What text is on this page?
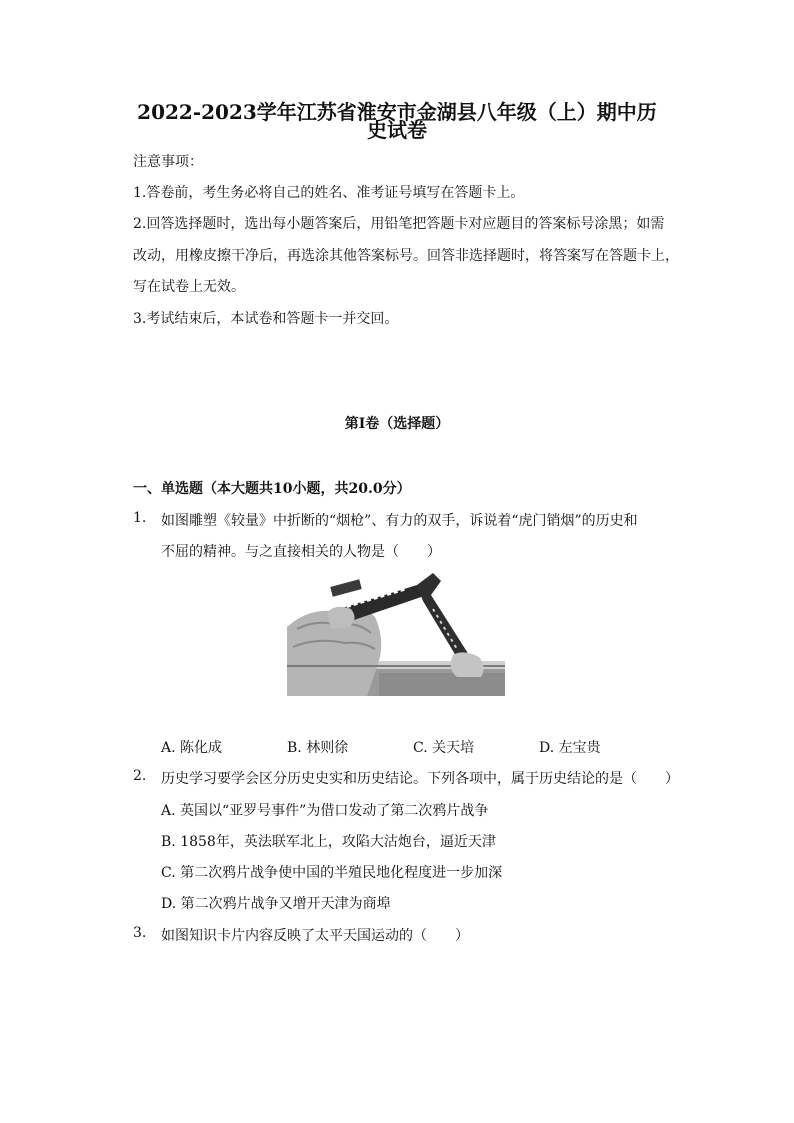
2022-2023学年江苏省淮安市金湖县八年级（上）期中历
史试卷
注意事项：
1.答卷前，考生务必将自己的姓名、准考证号填写在答题卡上。
2.回答选择题时，选出每小题答案后，用铅笔把答题卡对应题目的答案标号涂黑；如需
改动，用橡皮擦干净后，再选涂其他答案标号。回答非选择题时，将答案写在答题卡上，
写在试卷上无效。
3.考试结束后，本试卷和答题卡一并交回。
第I卷（选择题）
一、单选题（本大题共10小题，共20.0分）
1. 如图雕塑《较量》中折断的“烟枪”、有力的双手，诉说着“虎门销烟”的历史和
不屈的精神。与之直接相关的人物是（　　）
A. 陈化成	B. 林则徐	C. 关天培	D. 左宝贵
2. 历史学习要学会区分历史史实和历史结论。下列各项中，属于历史结论的是（　　）
A. 英国以“亚罗号事件”为借口发动了第二次鸦片战争
B. 1858年，英法联军北上，攻陷大沽炮台，逼近天津
C. 第二次鸦片战争使中国的半殖民地化程度进一步加深
D. 第二次鸦片战争又增开天津为商埠
3. 如图知识卡片内容反映了太平天国运动的（　　）
